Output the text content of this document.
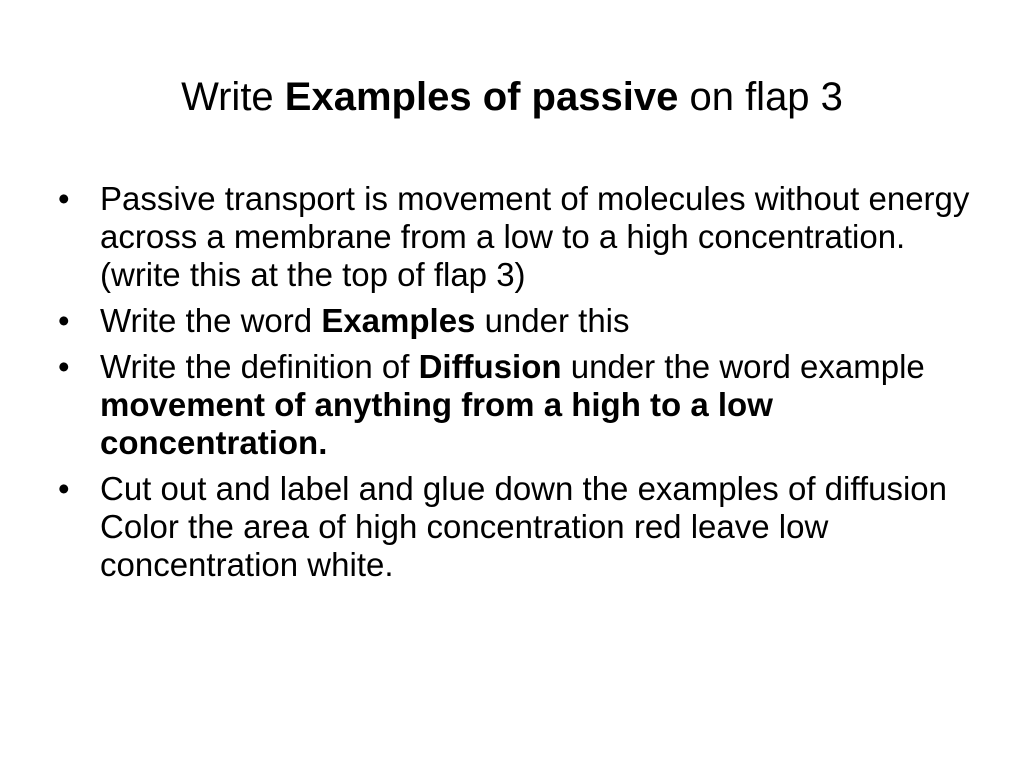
Write Examples of passive on flap 3
• Passive transport is movement of molecules without energy across a membrane from a low to a high concentration. (write this at the top of flap 3)
• Write the word Examples under this
• Write the definition of Diffusion under the word example movement of anything from a high to a low concentration.
• Cut out and label and glue down the examples of diffusion Color the area of high concentration red leave low concentration white.
